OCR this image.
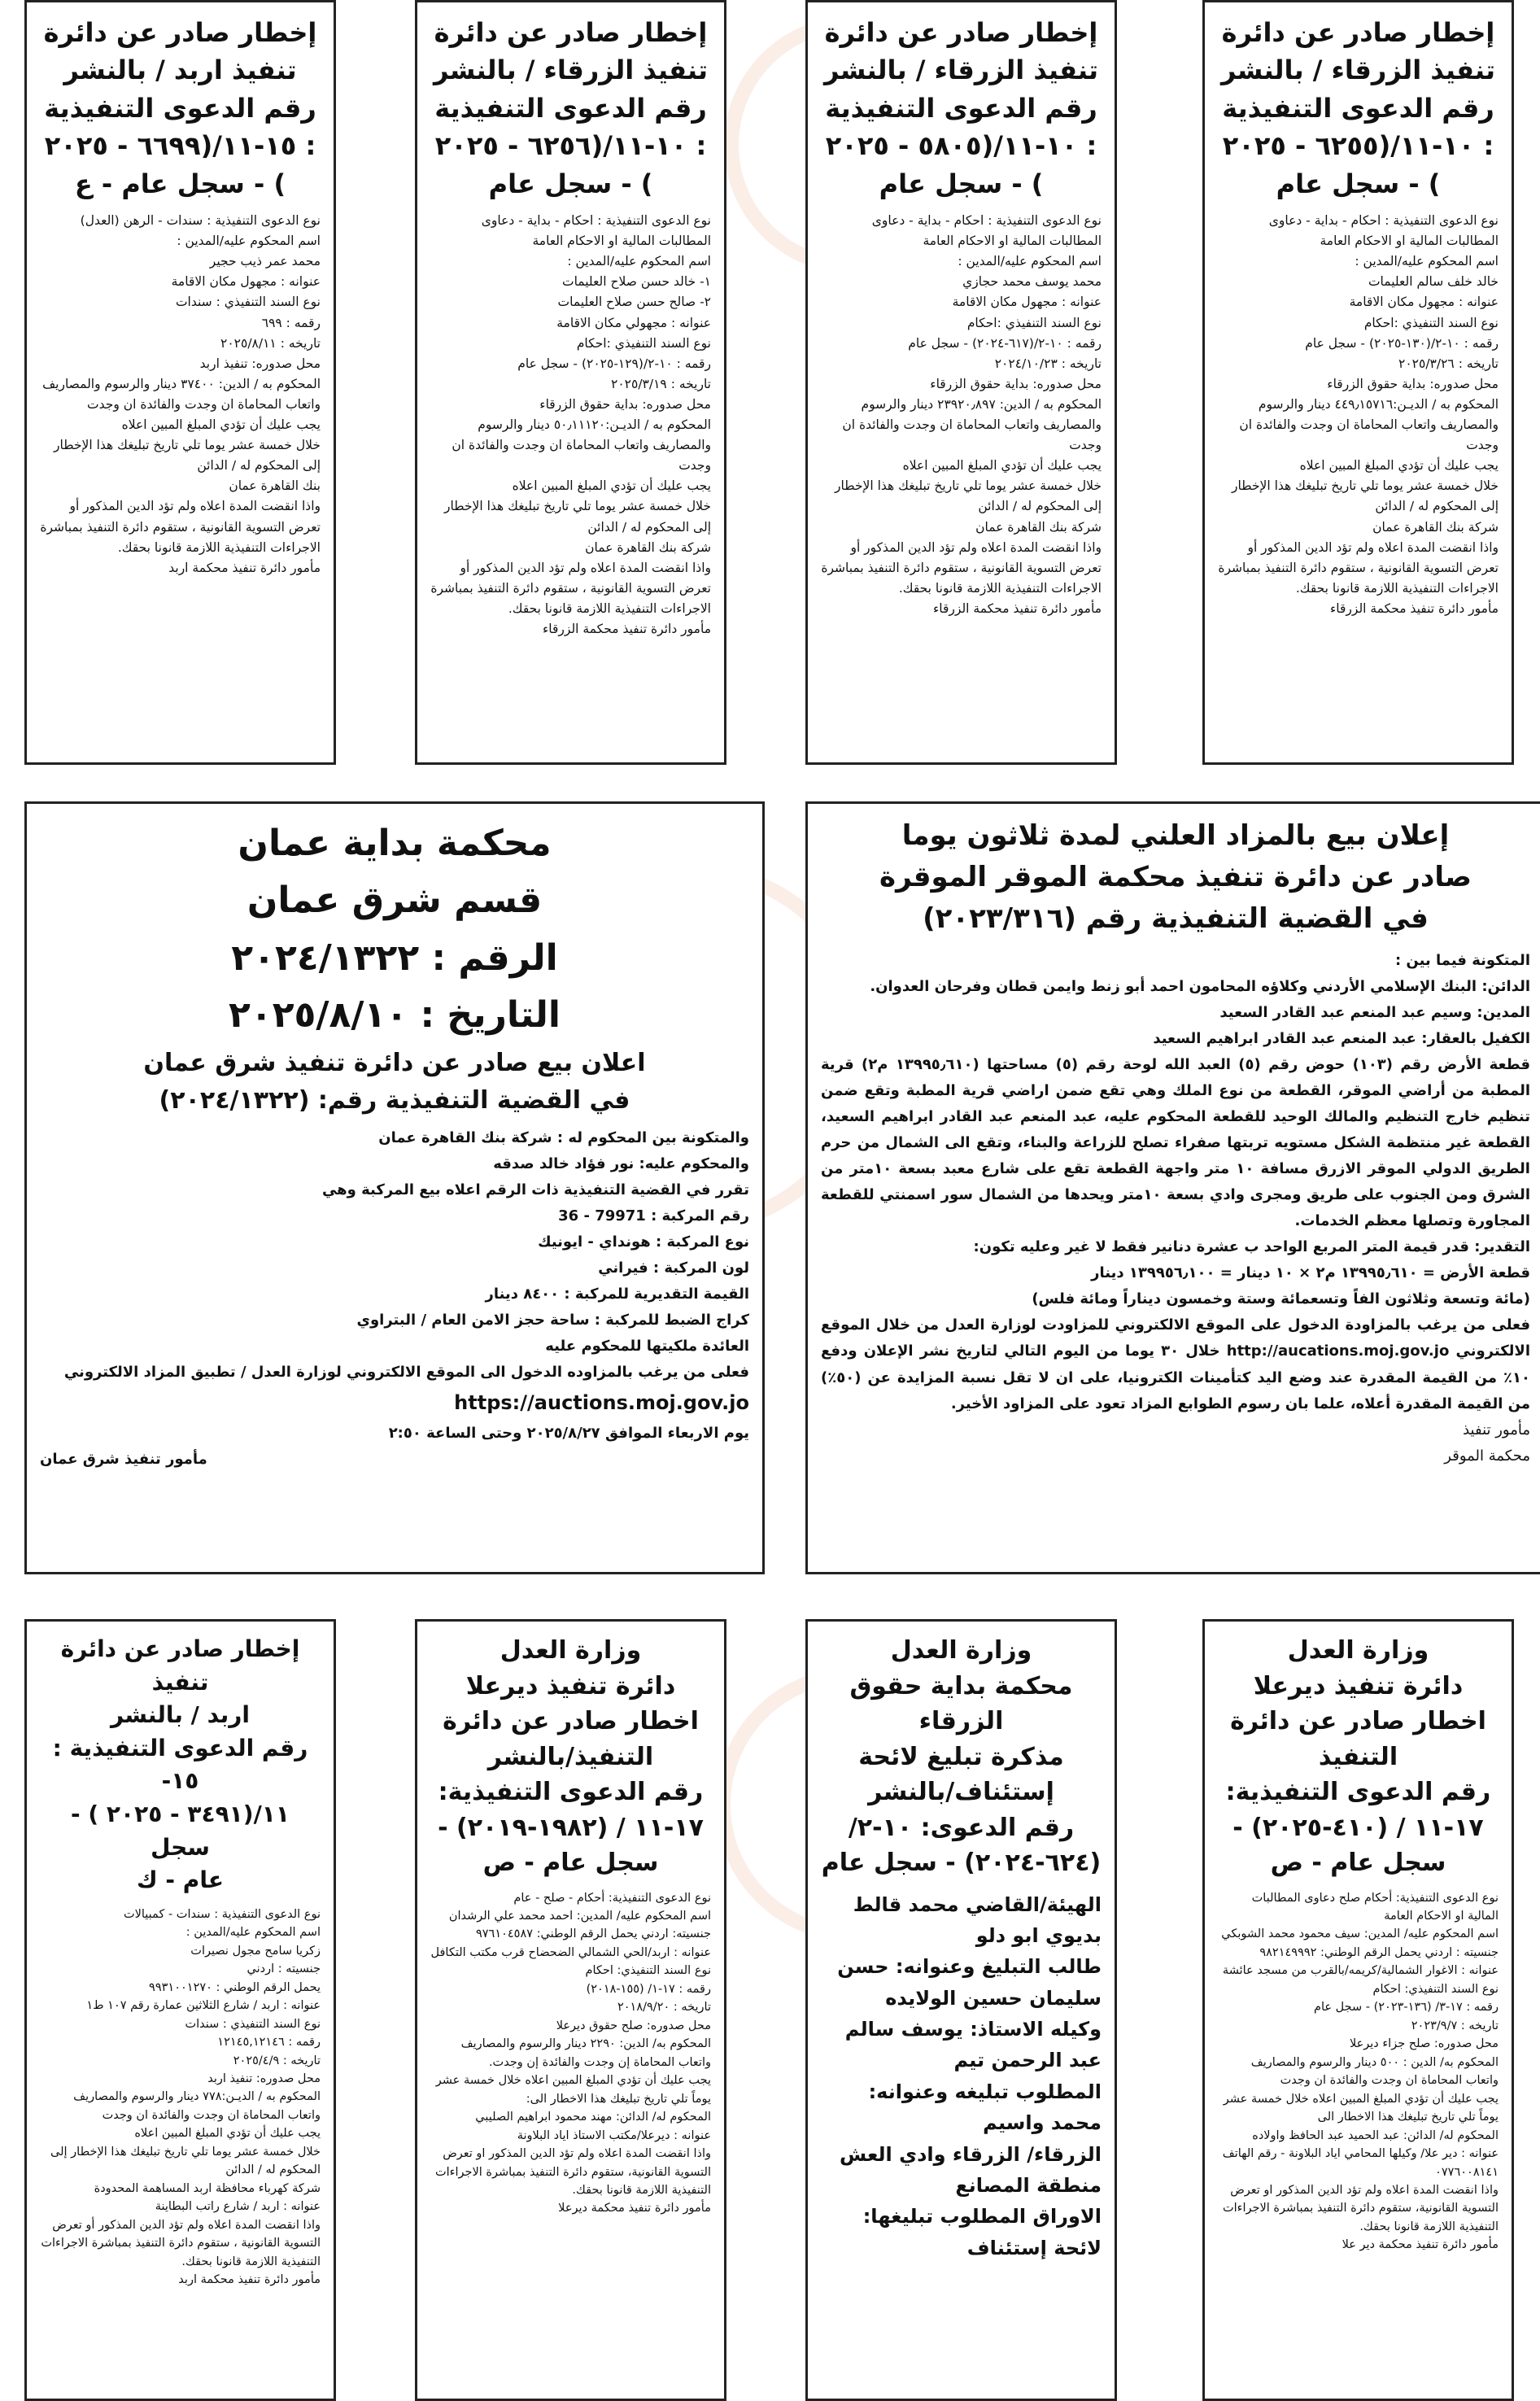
إخطار صادر عن دائرة
تنفيذ الزرقاء / بالنشر
رقم الدعوى التنفيذية
: ١٠-١١/(٦٢٥٥ - ٢٠٢٥
) - سجل عام
نوع الدعوى التنفيذية : احكام - بداية - دعاوى المطالبات المالية او الاحكام العامة
اسم المحكوم عليه/المدين :
خالد خلف سالم العليمات
عنوانه : مجهول مكان الاقامة
نوع السند التنفيذي :احكام
رقمه : ١٠-٢/(١٣٠-٢٠٢٥) - سجل عام
تاريخه : ٢٠٢٥/٣/٢٦
محل صدوره: بداية حقوق الزرقاء
المحكوم به / الديـن:٤٤٩٫١٥٧١٦ دينار والرسوم والمصاريف واتعاب المحاماة ان وجدت والفائدة ان وجدت
يجب عليك أن تؤدي المبلغ المبين اعلاه
خلال خمسة عشر يوما تلي تاريخ تبليغك هذا الإخطار إلى المحكوم له / الدائن
شركة بنك القاهرة عمان
واذا انقضت المدة اعلاه ولم تؤد الدين المذكور أو تعرض التسوية القانونية ، ستقوم دائرة التنفيذ بمباشرة الاجراءات التنفيذية اللازمة قانونا بحقك.
مأمور دائرة تنفيذ محكمة الزرقاء
إخطار صادر عن دائرة
تنفيذ الزرقاء / بالنشر
رقم الدعوى التنفيذية
: ١٠-١١/(٥٨٠٥ - ٢٠٢٥
) - سجل عام
نوع الدعوى التنفيذية : احكام - بداية - دعاوى المطالبات المالية او الاحكام العامة
اسم المحكوم عليه/المدين :
محمد يوسف محمد حجازي
عنوانه : مجهول مكان الاقامة
نوع السند التنفيذي :احكام
رقمه : ١٠-٢/(٦١٧-٢٠٢٤) - سجل عام
تاريخه : ٢٠٢٤/١٠/٢٣
محل صدوره: بداية حقوق الزرقاء
المحكوم به / الدين: ٢٣٩٢٠٫٨٩٧ دينار والرسوم والمصاريف واتعاب المحاماة ان وجدت والفائدة ان وجدت
يجب عليك أن تؤدي المبلغ المبين اعلاه
خلال خمسة عشر يوما تلي تاريخ تبليغك هذا الإخطار إلى المحكوم له / الدائن
شركة بنك القاهرة عمان
واذا انقضت المدة اعلاه ولم تؤد الدين المذكور أو تعرض التسوية القانونية ، ستقوم دائرة التنفيذ بمباشرة الاجراءات التنفيذية اللازمة قانونا بحقك.
مأمور دائرة تنفيذ محكمة الزرقاء
إخطار صادر عن دائرة
تنفيذ الزرقاء / بالنشر
رقم الدعوى التنفيذية
: ١٠-١١/(٦٢٥٦ - ٢٠٢٥
) - سجل عام
نوع الدعوى التنفيذية : احكام - بداية - دعاوى المطالبات المالية او الاحكام العامة
اسم المحكوم عليه/المدين :
١- خالد حسن صلاح العليمات
٢- صالح حسن صلاح العليمات
عنوانه : مجهولي مكان الاقامة
نوع السند التنفيذي :احكام
رقمه : ١٠-٢/(١٢٩-٢٠٢٥) - سجل عام
تاريخه : ٢٠٢٥/٣/١٩
محل صدوره: بداية حقوق الزرقاء
المحكوم به / الديـن:٥٠٫١١١٢٠ دينار والرسوم والمصاريف واتعاب المحاماة ان وجدت والفائدة ان وجدت
يجب عليك أن تؤدي المبلغ المبين اعلاه
خلال خمسة عشر يوما تلي تاريخ تبليغك هذا الإخطار إلى المحكوم له / الدائن
شركة بنك القاهرة عمان
واذا انقضت المدة اعلاه ولم تؤد الدين المذكور أو تعرض التسوية القانونية ، ستقوم دائرة التنفيذ بمباشرة الاجراءات التنفيذية اللازمة قانونا بحقك.
مأمور دائرة تنفيذ محكمة الزرقاء
إخطار صادر عن دائرة
تنفيذ اربد / بالنشر
رقم الدعوى التنفيذية
: ١٥-١١/(٦٦٩٩ - ٢٠٢٥
) - سجل عام - ع
نوع الدعوى التنفيذية : سندات - الرهن (العدل)
اسم المحكوم عليه/المدين :
محمد عمر ذيب حجير
عنوانه : مجهول مكان الاقامة
نوع السند التنفيذي : سندات
رقمه : ٦٩٩
تاريخه : ٢٠٢٥/٨/١١
محل صدوره: تنفيذ اربد
المحكوم به / الدين: ٣٧٤٠٠ دينار والرسوم والمصاريف واتعاب المحاماة ان وجدت والفائدة ان وجدت
يجب عليك أن تؤدي المبلغ المبين اعلاه
خلال خمسة عشر يوما تلي تاريخ تبليغك هذا الإخطار إلى المحكوم له / الدائن
بنك القاهرة عمان
واذا انقضت المدة اعلاه ولم تؤد الدين المذكور أو تعرض التسوية القانونية ، ستقوم دائرة التنفيذ بمباشرة الاجراءات التنفيذية اللازمة قانونا بحقك.
مأمور دائرة تنفيذ محكمة اربد
إعلان بيع بالمزاد العلني لمدة ثلاثون يوما
صادر عن دائرة تنفيذ محكمة الموقر الموقرة
في القضية التنفيذية رقم (٢٠٢٣/٣١٦)
المتكونة فيما بين :
الدائن: البنك الإسلامي الأردني وكلاؤه المحامون احمد أبو زنط وايمن قطان وفرحان العدوان.
المدين: وسيم عبد المنعم عبد القادر السعيد
الكفيل بالعقار: عبد المنعم عبد القادر ابراهيم السعيد
قطعة الأرض رقم (١٠٣) حوض رقم (٥) العبد الله لوحة رقم (٥) مساحتها (١٣٩٩٥٫٦١٠ م٢) قرية المطبة من أراضي الموقر، القطعة من نوع الملك وهي تقع ضمن اراضي قرية المطبة وتقع ضمن تنظيم خارج التنظيم والمالك الوحيد للقطعة المحكوم عليه، عبد المنعم عبد القادر ابراهيم السعيد، القطعة غير منتظمة الشكل مستويه تربتها صفراء تصلح للزراعة والبناء، وتقع الى الشمال من حرم الطريق الدولي الموقر الازرق مسافة ١٠ متر واجهة القطعة تقع على شارع معبد بسعة ١٠متر من الشرق ومن الجنوب على طريق ومجرى وادي بسعة ١٠متر ويحدها من الشمال سور اسمنتي للقطعة المجاورة وتصلها معظم الخدمات.
التقدير: قدر قيمة المتر المربع الواحد ب عشرة دنانير فقط لا غير وعليه تكون:
قطعة الأرض = ١٣٩٩٥٫٦١٠ م٢ × ١٠ دينار = ١٣٩٩٥٦٫١٠٠ دينار
(مائة وتسعة وثلاثون الفاً وتسعمائة وستة وخمسون ديناراً ومائة فلس)
فعلى من يرغب بالمزاودة الدخول على الموقع الالكتروني للمزاودت لوزارة العدل من خلال الموقع الالكتروني http://aucations.moj.gov.jo خلال ٣٠ يوما من اليوم التالي لتاريخ نشر الإعلان ودفع ١٠٪ من القيمة المقدرة عند وضع اليد كتأمينات الكترونيا، على ان لا تقل نسبة المزايدة عن (٥٠٪) من القيمة المقدرة أعلاه، علما بان رسوم الطوابع المزاد تعود على المزاود الأخير.
مأمور تنفيذ
محكمة الموقر
محكمة بداية عمان
قسم شرق عمان
الرقم : ٢٠٢٤/١٣٢٢
التاريخ : ٢٠٢٥/٨/١٠
اعلان بيع صادر عن دائرة تنفيذ شرق عمان
في القضية التنفيذية رقم: (٢٠٢٤/١٣٢٢)
والمتكونة بين المحكوم له : شركة بنك القاهرة عمان
والمحكوم عليه: نور فؤاد خالد صدقه
تقرر في القضية التنفيذية ذات الرقم اعلاه بيع المركبة وهي
رقم المركبة : 79971 - 36
نوع المركبة : هونداي - ايونيك
لون المركبة : فيراني
القيمة التقديرية للمركبة : ٨٤٠٠ دينار
كراج الضبط للمركبة : ساحة حجز الامن العام / البتراوي
العائدة ملكيتها للمحكوم عليه
فعلى من يرغب بالمزاوده الدخول الى الموقع الالكتروني لوزارة العدل / تطبيق المزاد الالكتروني
https://auctions.moj.gov.jo
يوم الاربعاء الموافق ٢٠٢٥/٨/٢٧ وحتى الساعة ٢:٥٠
مأمور تنفيذ شرق عمان
وزارة العدل
دائرة تنفيذ ديرعلا
اخطار صادر عن دائرة
التنفيذ
رقم الدعوى التنفيذية:
١٧-١١ / (٤١٠-٢٠٢٥) -
سجل عام - ص
نوع الدعوى التنفيذية: أحكام صلح دعاوى المطالبات المالية او الاحكام العامة
اسم المحكوم عليه/ المدين: سيف محمود محمد الشوبكي
جنسيته : اردني يحمل الرقم الوطني: ٩٨٢١٤٩٩٩٢
عنوانه : الاغوار الشمالية/كريمه/بالقرب من مسجد عائشة
نوع السند التنفيذي: احكام
رقمه : ١٧-٣/ (١٣٦-٢٠٢٣) - سجل عام
تاريخه : ٢٠٢٣/٩/٧
محل صدوره: صلح جزاء ديرعلا
المحكوم به/ الدين : ٥٠٠ دينار والرسوم والمصاريف واتعاب المحاماة ان وجدت والفائدة ان وجدت
يجب عليك أن تؤدي المبلغ المبين اعلاه خلال خمسة عشر يوماً تلي تاريخ تبليغك هذا الاخطار الى
المحكوم له/ الدائن: عبد الحميد عبد الحافظ واولاده
عنوانه : دير علا/ وكيلها المحامي اياد البلاونة - رقم الهاتف ٠٧٧٦٠٠٨١٤١
واذا انقضت المدة اعلاه ولم تؤد الدين المذكور او تعرض التسوية القانونية، ستقوم دائرة التنفيذ بمباشرة الاجراءات التنفيذية اللازمة قانونا بحقك.
مأمور دائرة تنفيذ محكمة دير علا
وزارة العدل
محكمة بداية حقوق
الزرقاء
مذكرة تبليغ لائحة
إستئناف/بالنشر
رقم الدعوى: ١٠-٢/
(٦٢٤-٢٠٢٤) - سجل عام
الهيئة/القاضي محمد قالط بديوي ابو دلو
طالب التبليغ وعنوانه: حسن سليمان حسين الولايده
وكيله الاستاذ: يوسف سالم عبد الرحمن تيم
المطلوب تبليغه وعنوانه: محمد واسيم
الزرقاء/ الزرقاء وادي العش منطقة المصانع
الاوراق المطلوب تبليغها: لائحة إستئناف
وزارة العدل
دائرة تنفيذ ديرعلا
اخطار صادر عن دائرة
التنفيذ/بالنشر
رقم الدعوى التنفيذية:
١٧-١١ / (١٩٨٢-٢٠١٩) -
سجل عام - ص
نوع الدعوى التنفيذية: أحكام - صلح - عام
اسم المحكوم عليه/ المدين: احمد محمد علي الرشدان
جنسيته: اردني يحمل الرقم الوطني: ٩٧٦١٠٤٥٨٧
عنوانه : اربد/الحي الشمالي الضحضاح قرب مكتب التكافل
نوع السند التنفيذي: احكام
رقمه : ١٧-١/ (١٥٥-٢٠١٨)
تاريخه : ٢٠١٨/٩/٢٠
محل صدوره: صلح حقوق ديرعلا
المحكوم به/ الدين: ٢٢٩٠ دينار والرسوم والمصاريف واتعاب المحاماة إن وجدت والفائدة إن وجدت.
يجب عليك أن تؤدي المبلغ المبين اعلاه خلال خمسة عشر يوماً تلي تاريخ تبليغك هذا الاخطار الى:
المحكوم له/ الدائن: مهند محمود ابراهيم الصليبي
عنوانه : ديرعلا/مكتب الاستاذ اياد البلاونة
واذا انقضت المدة اعلاه ولم تؤد الدين المذكور او تعرض التسوية القانونية، ستقوم دائرة التنفيذ بمباشرة الاجراءات التنفيذية اللازمة قانونا بحقك.
مأمور دائرة تنفيذ محكمة ديرعلا
إخطار صادر عن دائرة تنفيذ
اربد / بالنشر
رقم الدعوى التنفيذية : ١٥-
١١/(٣٤٩١ - ٢٠٢٥ ) - سجل
عام - ك
نوع الدعوى التنفيذية : سندات - كمبيالات
اسم المحكوم عليه/المدين :
زكريا سامح مجول نصيرات
جنسيته : اردني
يحمل الرقم الوطني : ٩٩٣١٠٠١٢٧٠
عنوانه : اربد / شارع الثلاثين عمارة رقم ١٠٧ ط١
نوع السند التنفيذي : سندات
رقمه : ١٢١٤٥,١٢١٤٦
تاريخه : ٢٠٢٥/٤/٩
محل صدوره: تنفيذ اربد
المحكوم به / الديـن:٧٧٨ دينار والرسوم والمصاريف واتعاب المحاماة ان وجدت والفائدة ان وجدت
يجب عليك أن تؤدي المبلغ المبين اعلاه
خلال خمسة عشر يوما تلي تاريخ تبليغك هذا الإخطار إلى المحكوم له / الدائن
شركة كهرباء محافظة اربد المساهمة المحدودة
عنوانه : اربد / شارع راتب البطاينة
واذا انقضت المدة اعلاه ولم تؤد الدين المذكور أو تعرض التسوية القانونية ، ستقوم دائرة التنفيذ بمباشرة الاجراءات التنفيذية اللازمة قانونا بحقك.
مأمور دائرة تنفيذ محكمة اربد
